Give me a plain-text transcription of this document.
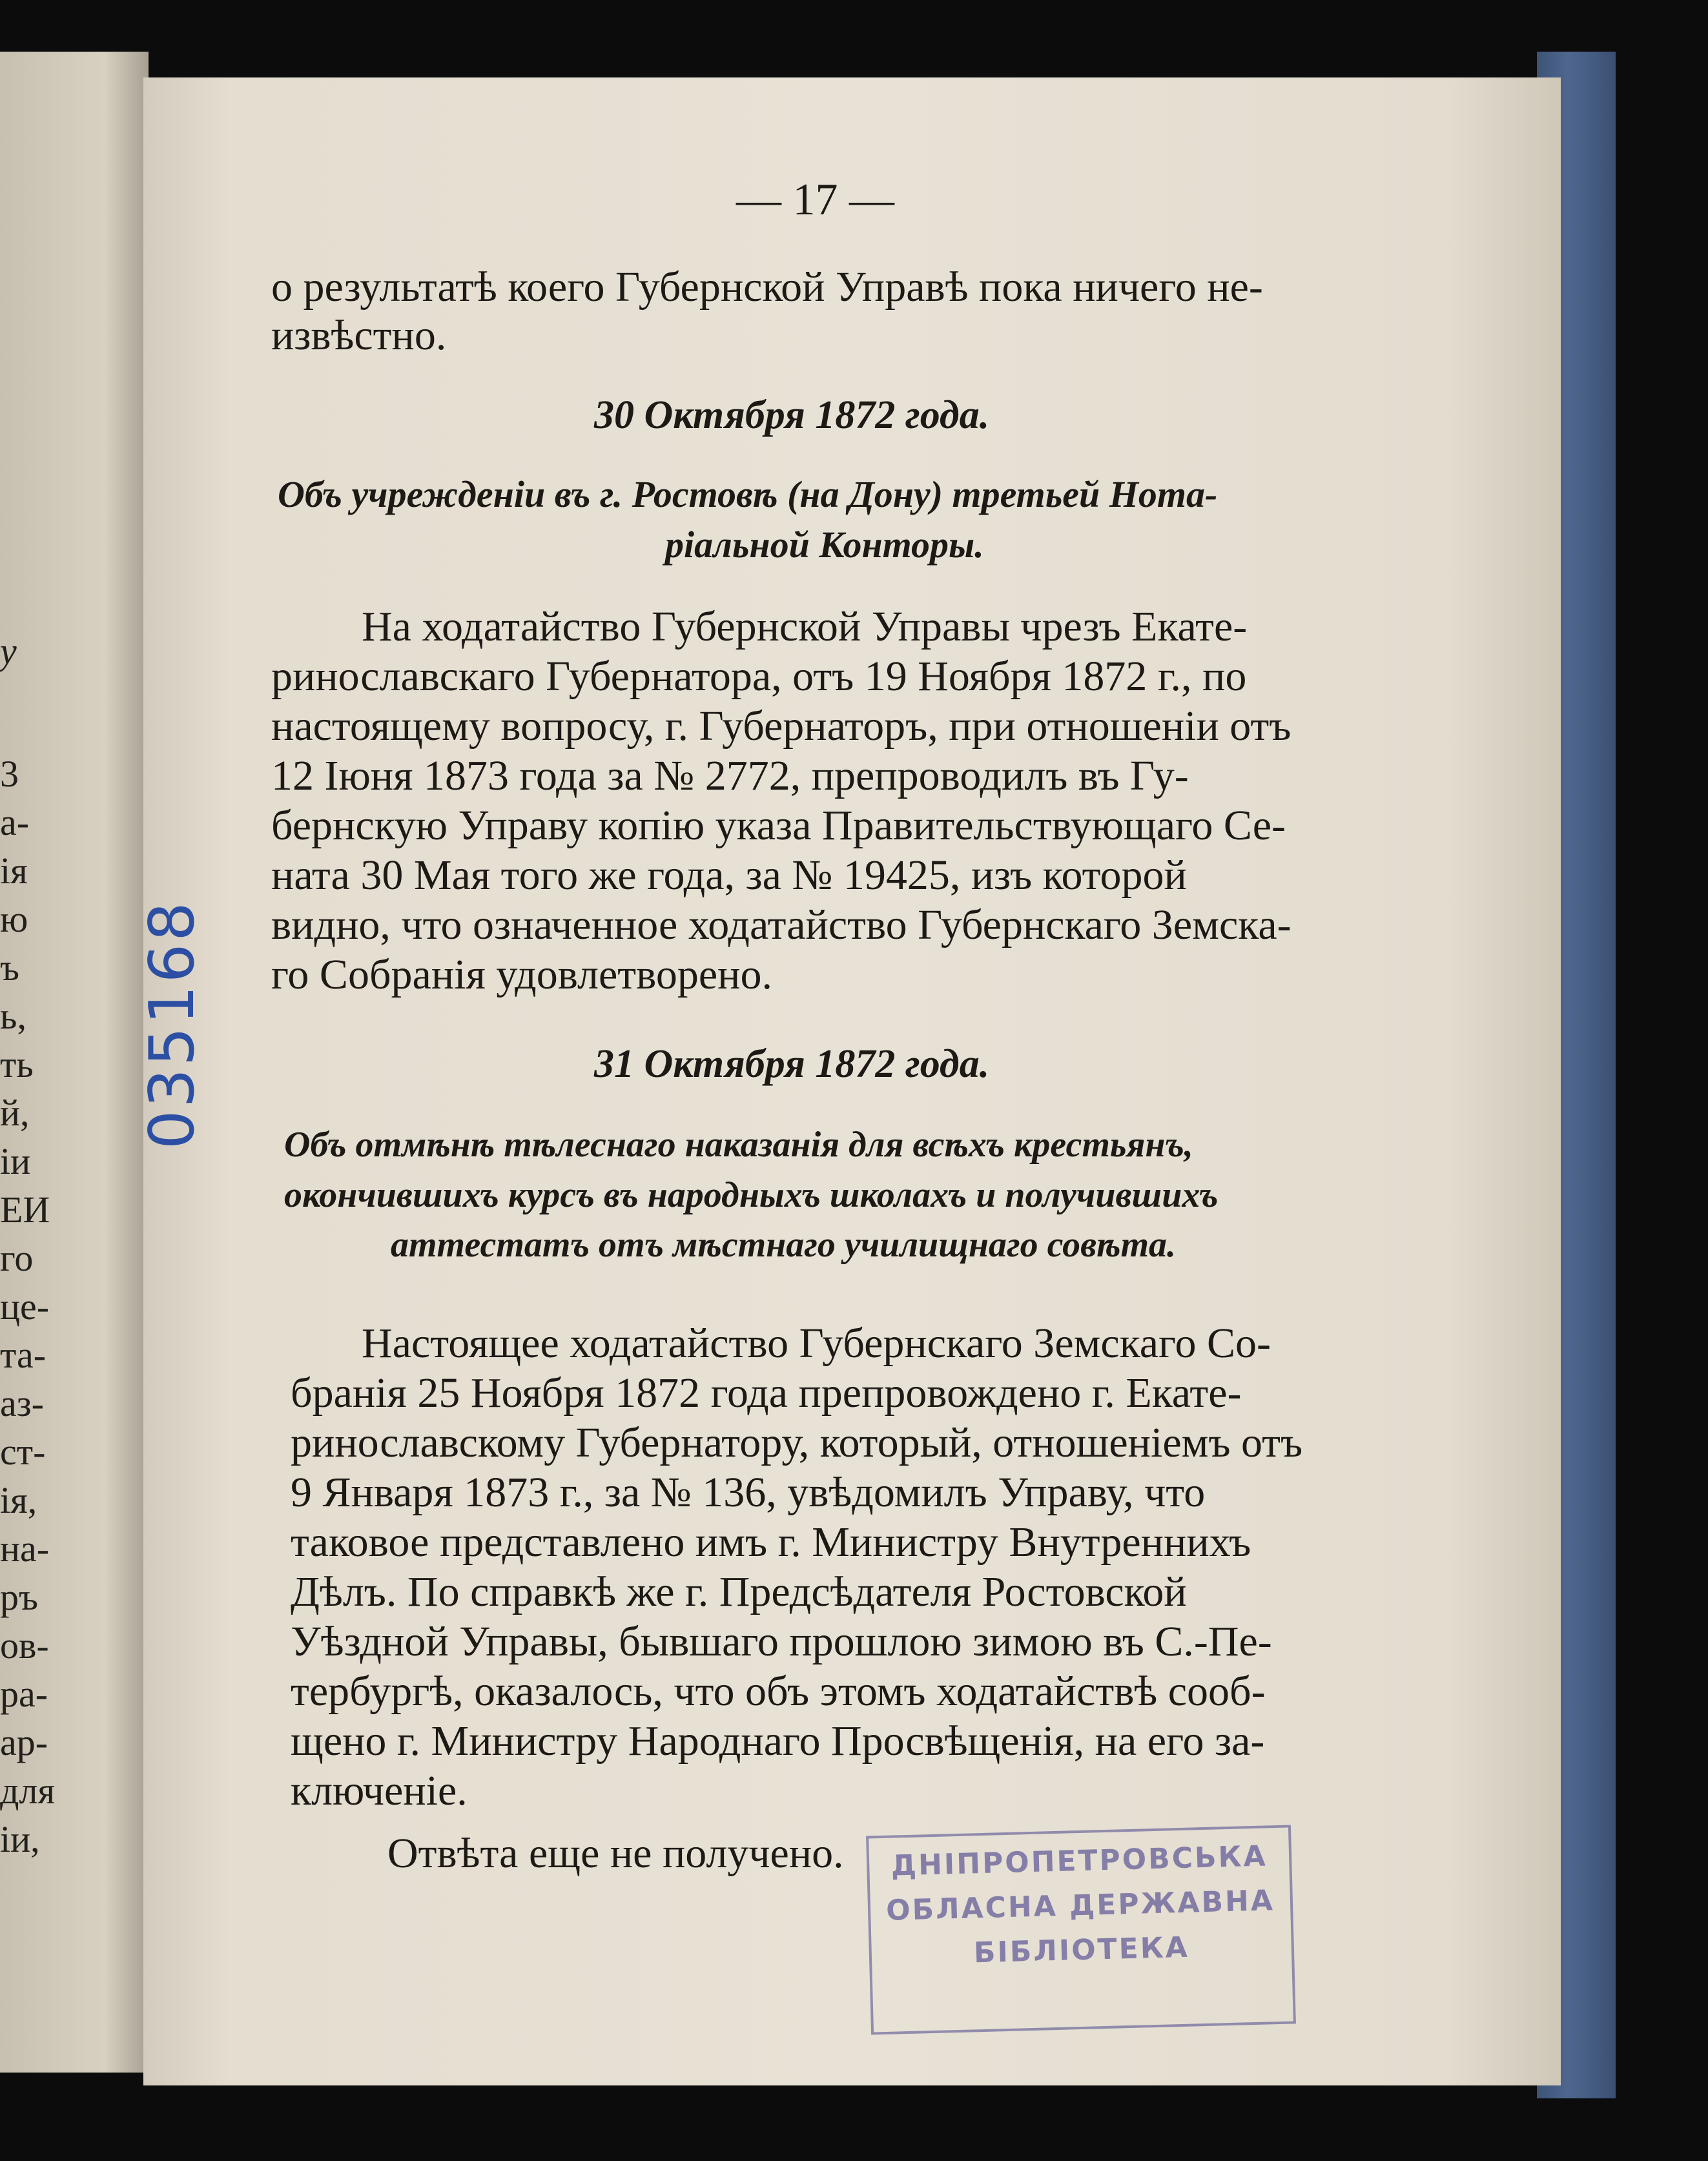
у
3
а-
ія
ю
ъ
ь,
ть
й,
іи
ЕИ
го
це-
та-
аз-
ст-
ія,
на-
ръ
ов-
ра-
ар-
для
іи,
— 17 —
о результатѣ коего Губернской Управѣ пока ничего не-
извѣстно.
30 Октября 1872 года.
Объ учрежденіи въ г. Ростовѣ (на Дону) третьей Нота-
ріальной Конторы.
На ходатайство Губернской Управы чрезъ Екате-
ринославскаго Губернатора, отъ 19 Ноября 1872 г., по
настоящему вопросу, г. Губернаторъ, при отношеніи отъ
12 Іюня 1873 года за № 2772, препроводилъ въ Гу-
бернскую Управу копію указа Правительствующаго Се-
ната 30 Мая того же года, за № 19425, изъ которой
видно, что означенное ходатайство Губернскаго Земска-
го Собранія удовлетворено.
31 Октября 1872 года.
Объ отмѣнѣ тѣлеснаго наказанія для всѣхъ крестьянъ,
окончившихъ курсъ въ народныхъ школахъ и получившихъ
аттестатъ отъ мѣстнаго училищнаго совѣта.
Настоящее ходатайство Губернскаго Земскаго Со-
бранія 25 Ноября 1872 года препровождено г. Екате-
ринославскому Губернатору, который, отношеніемъ отъ
9 Января 1873 г., за № 136, увѣдомилъ Управу, что
таковое представлено имъ г. Министру Внутреннихъ
Дѣлъ. По справкѣ же г. Предсѣдателя Ростовской
Уѣздной Управы, бывшаго прошлою зимою въ С.-Пе-
тербургѣ, оказалось, что объ этомъ ходатайствѣ сооб-
щено г. Министру Народнаго Просвѣщенія, на его за-
ключеніе.
Отвѣта еще не получено.
035168
ДНІПРОПЕТРОВСЬКА
ОБЛАСНА ДЕРЖАВНА
БІБЛІОТЕКА
